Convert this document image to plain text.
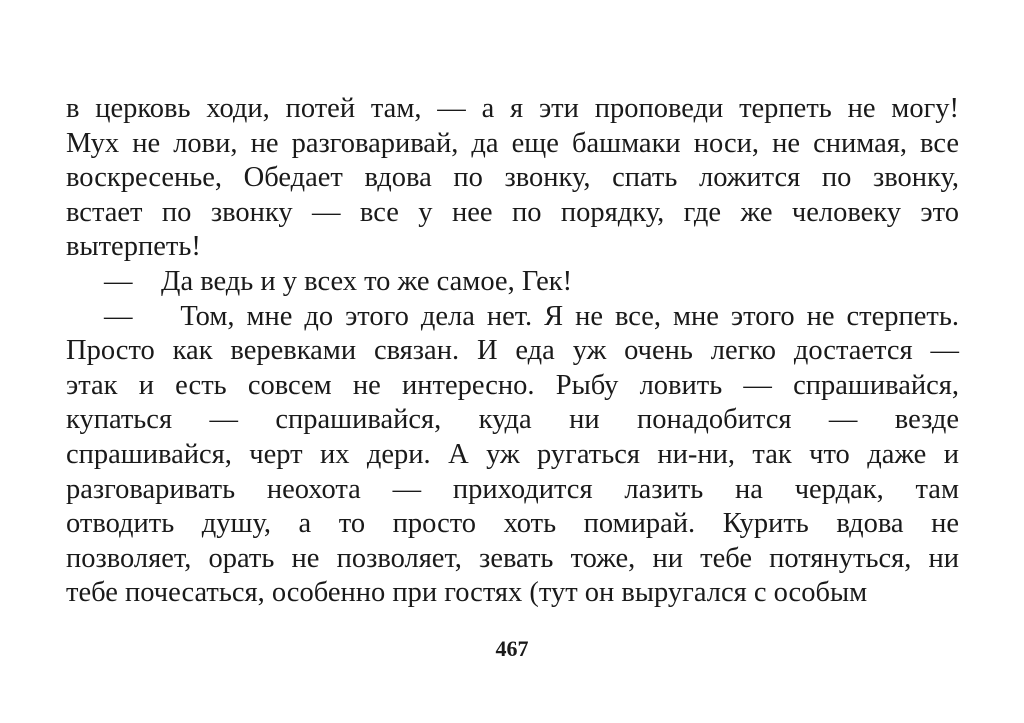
в церковь ходи, потей там, — а я эти проповеди терпеть не могу!
Мух не лови, не разговаривай, да еще башмаки носи, не снимая, все
воскресенье, Обедает вдова по звонку, спать ложится по звонку,
встает по звонку — все у нее по порядку, где же человеку это
вытерпеть!
—    Да ведь и у всех то же самое, Гек!
—    Том, мне до этого дела нет. Я не все, мне этого не стерпеть.
Просто как веревками связан. И еда уж очень легко достается —
этак и есть совсем не интересно. Рыбу ловить — спрашивайся,
купаться — спрашивайся, куда ни понадобится — везде
спрашивайся, черт их дери. А уж ругаться ни-ни, так что даже и
разговаривать неохота — приходится лазить на чердак, там
отводить душу, а то просто хоть помирай. Курить вдова не
позволяет, орать не позволяет, зевать тоже, ни тебе потянуться, ни
тебе почесаться, особенно при гостях (тут он выругался с особым
467
